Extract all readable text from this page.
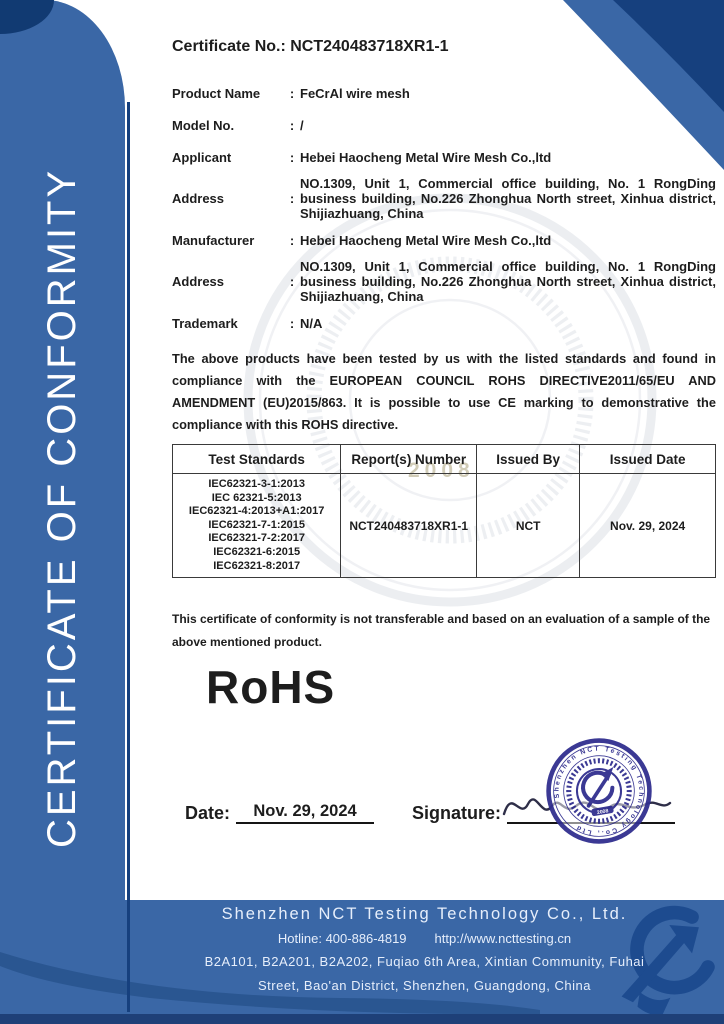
CERTIFICATE OF CONFORMITY	2008
Certificate No.: NCT240483718XR1-1
Product Name	: FeCrAl wire mesh
Model No.	: /
Applicant	: Hebei Haocheng Metal Wire Mesh Co.,ltd
Address	:
NO.1309, Unit 1, Commercial office building, No. 1 RongDing business building, No.226 Zhonghua North street, Xinhua district, Shijiazhuang, China
Manufacturer	: Hebei Haocheng Metal Wire Mesh Co.,ltd
Address	:
NO.1309, Unit 1, Commercial office building, No. 1 RongDing business building, No.226 Zhonghua North street, Xinhua district, Shijiazhuang, China
Trademark	: N/A
The above products have been tested by us with the listed standards and found in compliance with the EUROPEAN COUNCIL ROHS DIRECTIVE2011/65/EU AND AMENDMENT (EU)2015/863. It is possible to use CE marking to demonstrative the compliance with this ROHS directive.
Test Standards	Report(s) Number	Issued By	Issued Date

IEC62321-3-1:2013
IEC 62321-5:2013
IEC62321-4:2013+A1:2017
IEC62321-7-1:2015
IEC62321-7-2:2017
IEC62321-6:2015
IEC62321-8:2017
	NCT240483718XR1-1	NCT	Nov. 29, 2024
This certificate of conformity is not transferable and based on an evaluation of a sample of the above mentioned product.
RoHS
Date:	Nov. 29, 2024	Signature:
Shenzhen NCT Testing Technology Co., Ltd
2008
Shenzhen NCT Testing Technology Co., Ltd.
Hotline: 400-886-4819 http://www.ncttesting.cn
B2A101, B2A201, B2A202, Fuqiao 6th Area, Xintian Community, Fuhai
Street, Bao'an District, Shenzhen, Guangdong, China
